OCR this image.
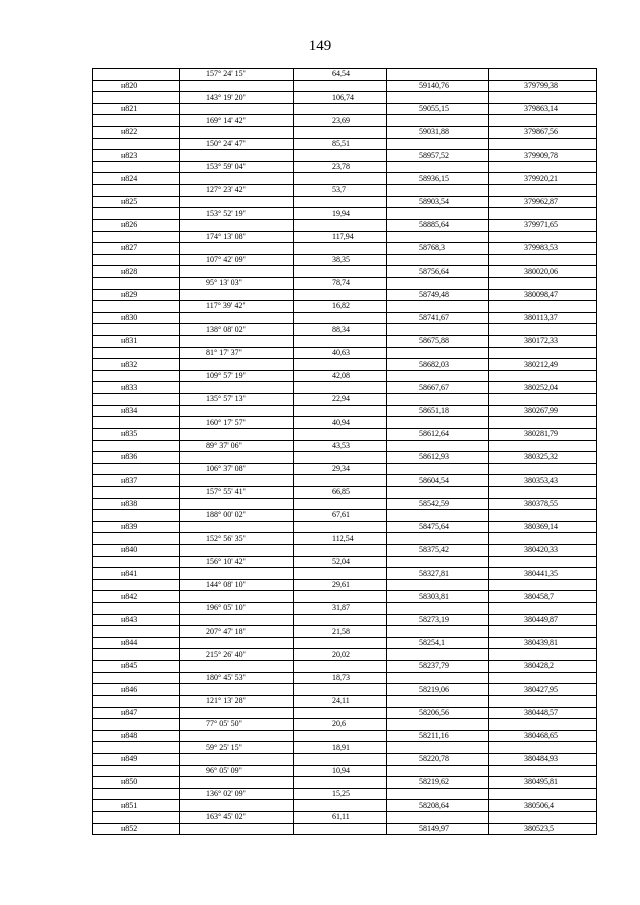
149
	157° 24' 15"	64,54		
н820			59140,76	379799,38
	143° 19' 20"	106,74		
н821			59055,15	379863,14
	169° 14' 42"	23,69		
н822			59031,88	379867,56
	150° 24' 47"	85,51		
н823			58957,52	379909,78
	153° 59' 04"	23,78		
н824			58936,15	379920,21
	127° 23' 42"	53,7		
н825			58903,54	379962,87
	153° 52' 19"	19,94		
н826			58885,64	379971,65
	174° 13' 08"	117,94		
н827			58768,3	379983,53
	107° 42' 09"	38,35		
н828			58756,64	380020,06
	95° 13' 03"	78,74		
н829			58749,48	380098,47
	117° 39' 42"	16,82		
н830			58741,67	380113,37
	138° 08' 02"	88,34		
н831			58675,88	380172,33
	81° 17' 37"	40,63		
н832			58682,03	380212,49
	109° 57' 19"	42,08		
н833			58667,67	380252,04
	135° 57' 13"	22,94		
н834			58651,18	380267,99
	160° 17' 57"	40,94		
н835			58612,64	380281,79
	89° 37' 06"	43,53		
н836			58612,93	380325,32
	106° 37' 08"	29,34		
н837			58604,54	380353,43
	157° 55' 41"	66,85		
н838			58542,59	380378,55
	188° 00' 02"	67,61		
н839			58475,64	380369,14
	152° 56' 35"	112,54		
н840			58375,42	380420,33
	156° 10' 42"	52,04		
н841			58327,81	380441,35
	144° 08' 10"	29,61		
н842			58303,81	380458,7
	196° 05' 10"	31,87		
н843			58273,19	380449,87
	207° 47' 18"	21,58		
н844			58254,1	380439,81
	215° 26' 40"	20,02		
н845			58237,79	380428,2
	180° 45' 53"	18,73		
н846			58219,06	380427,95
	121° 13' 28"	24,11		
н847			58206,56	380448,57
	77° 05' 50"	20,6		
н848			58211,16	380468,65
	59° 25' 15"	18,91		
н849			58220,78	380484,93
	96° 05' 09"	10,94		
н850			58219,62	380495,81
	136° 02' 09"	15,25		
н851			58208,64	380506,4
	163° 45' 02"	61,11		
н852			58149,97	380523,5
